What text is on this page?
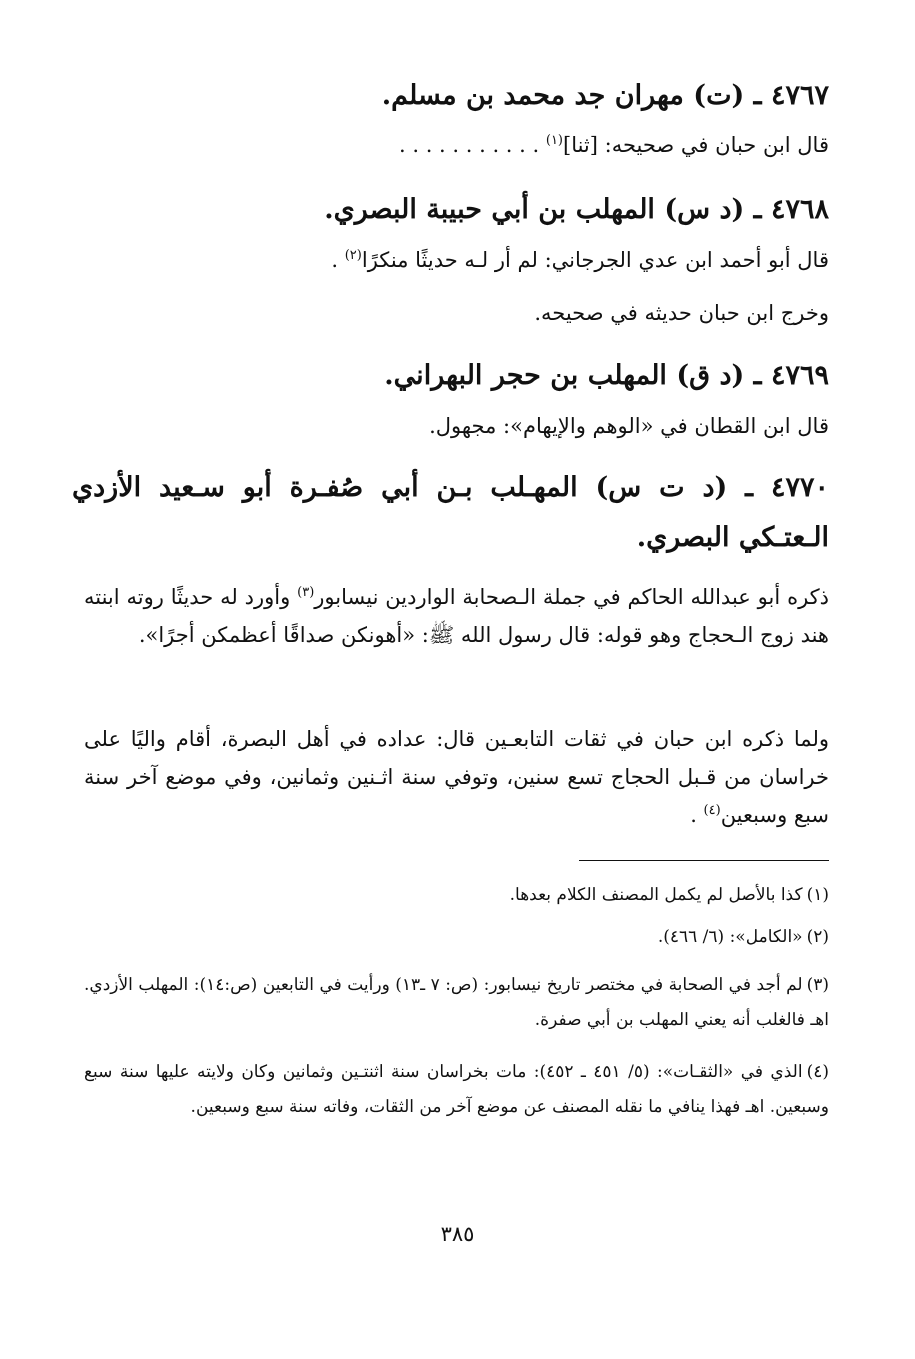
٤٧٦٧ ـ (ت) مهران جد محمد بن مسلم.
قال ابن حبان في صحيحه: [ثنا]$^{(١)}$ . . . . . . . . . . .
٤٧٦٨ ـ (د س) المهلب بن أبي حبيبة البصري.
قال أبو أحمد ابن عدي الجرجاني: لم أر لـه حديثًا منكرًا$^{(٢)}$ .
وخرج ابن حبان حديثه في صحيحه.
٤٧٦٩ ـ (د ق) المهلب بن حجر البهراني.
قال ابن القطان في «الوهم والإيهام»: مجهول.
٤٧٧٠ ـ (د ت س) المهـلب بـن أبي صُفـرة أبو سـعيد الأزدي الـعتـكي البصري.
ذكره أبو عبدالله الحاكم في جملة الـصحابة الواردين نيسابور$^{(٣)}$ وأورد له حديثًا روته ابنته هند زوج الـحجاج وهو قوله: قال رسول الله ﷺ: «أهونكن صداقًا أعظمكن أجرًا».
ولما ذكره ابن حبان في ثقات التابعـين قال: عداده في أهل البصرة، أقام واليًا على خراسان من قـبل الحجاج تسع سنين، وتوفي سنة اثـنين وثمانين، وفي موضع آخر سنة سبع وسبعين$^{(٤)}$ .
(١)كذا بالأصل لم يكمل المصنف الكلام بعدها.
(٢)«الكامل»: (٦/ ٤٦٦).
(٣)لم أجد في الصحابة في مختصر تاريخ نيسابور: (ص: ٧ ـ١٣) ورأيت في التابعين (ص:١٤): المهلب الأزدي. اهـ فالغلب أنه يعني المهلب بن أبي صفرة.
(٤)الذي في «الثقـات»: (٥/ ٤٥١ ـ ٤٥٢): مات بخراسان سنة اثنتـين وثمانين وكان ولايته عليها سنة سبع وسبعين. اهـ فهذا ينافي ما نقله المصنف عن موضع آخر من الثقات، وفاته سنة سبع وسبعين.
٣٨٥
